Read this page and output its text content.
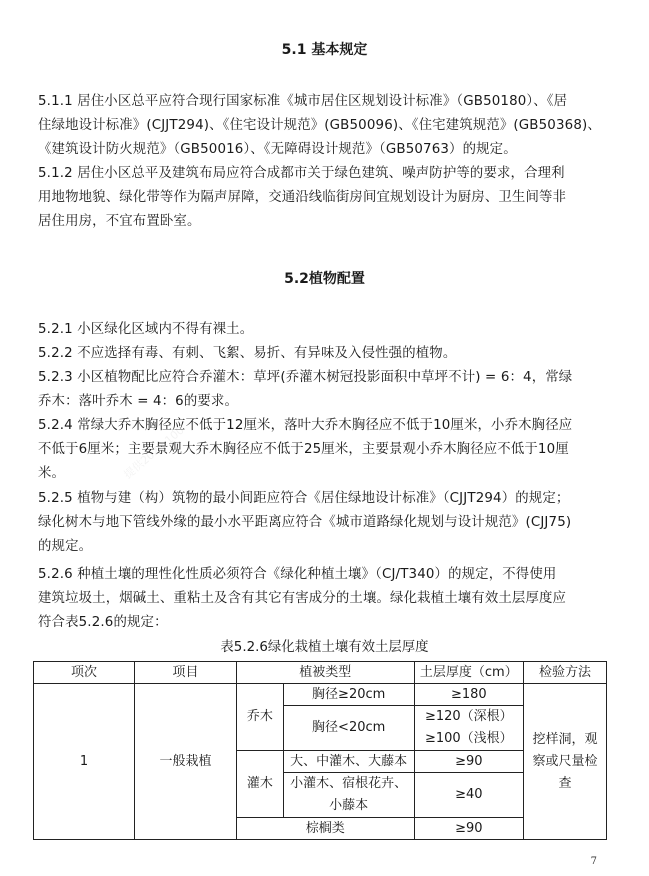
5.1 基本规定
5.1.1 居住小区总平应符合现行国家标准《城市居住区规划设计标准》（GB50180）、《居
住绿地设计标准》(CJJT294)、《住宅设计规范》(GB50096)、《住宅建筑规范》(GB50368)、
《建筑设计防火规范》（GB50016）、《无障碍设计规范》（GB50763）的规定。
5.1.2 居住小区总平及建筑布局应符合成都市关于绿色建筑、噪声防护等的要求，合理利
用地物地貌、绿化带等作为隔声屏障，交通沿线临街房间宜规划设计为厨房、卫生间等非
居住用房，不宜布置卧室。
5.2植物配置
5.2.1 小区绿化区域内不得有裸土。
5.2.2 不应选择有毒、有刺、飞絮、易折、有异味及入侵性强的植物。
5.2.3 小区植物配比应符合乔灌木：草坪(乔灌木树冠投影面积中草坪不计) = 6：4，常绿
乔木：落叶乔木 = 4：6的要求。
5.2.4 常绿大乔木胸径应不低于12厘米，落叶大乔木胸径应不低于10厘米，小乔木胸径应
不低于6厘米；主要景观大乔木胸径应不低于25厘米，主要景观小乔木胸径应不低于10厘
米。
5.2.5 植物与建（构）筑物的最小间距应符合《居住绿地设计标准》（CJJT294）的规定；
绿化树木与地下管线外缘的最小水平距离应符合《城市道路绿化规划与设计规范》(CJJ75)
的规定。
5.2.6 种植土壤的理性化性质必须符合《绿化种植土壤》（CJ/T340）的规定，不得使用
建筑垃圾土，烟碱土、重粘土及含有其它有害成分的土壤。绿化栽植土壤有效土层厚度应
符合表5.2.6的规定：
表5.2.6绿化栽植土壤有效土层厚度
项次	项目	植被类型		土层厚度（cm）	检验方法
1	一般栽植	乔木	胸径≥20cm	≥180	挖样洞，观察或尺量检查
			胸径<20cm	≥120（深根）
≥100（浅根）	

		灌木	大、中灌木、大藤本	≥90	
			小灌木、宿根花卉、小藤本	≥40	
		棕榈类		≥90	
提供2020.100
7
